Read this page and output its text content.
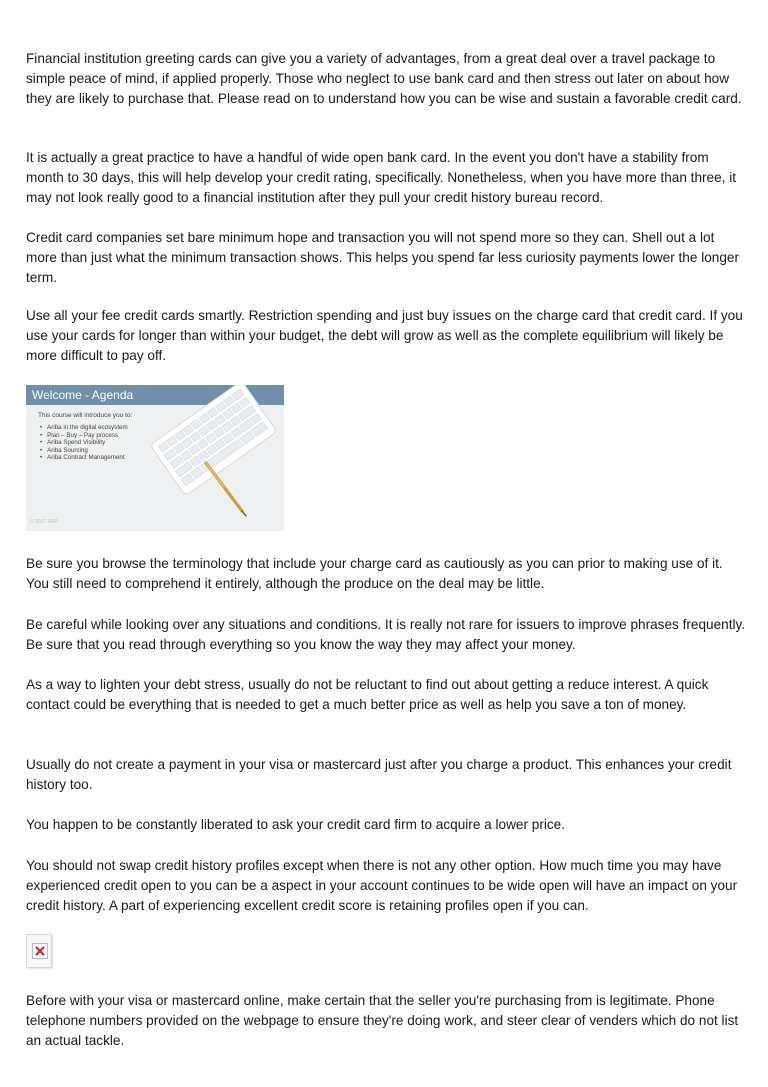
Financial institution greeting cards can give you a variety of advantages, from a great deal over a travel package to simple peace of mind, if applied properly. Those who neglect to use bank card and then stress out later on about how they are likely to purchase that. Please read on to understand how you can be wise and sustain a favorable credit card.

It is actually a great practice to have a handful of wide open bank card. In the event you don't have a stability from month to 30 days, this will help develop your credit rating, specifically. Nonetheless, when you have more than three, it may not look really good to a financial institution after they pull your credit history bureau record.

Credit card companies set bare minimum hope and transaction you will not spend more so they can. Shell out a lot more than just what the minimum transaction shows. This helps you spend far less curiosity payments lower the longer term.

Use all your fee credit cards smartly. Restriction spending and just buy issues on the charge card that credit card. If you use your cards for longer than within your budget, the debt will grow as well as the complete equilibrium will likely be more difficult to pay off.

Welcome - Agenda
This course will introduce you to:
• Ariba in the digital ecosystem
• Plan – Buy – Pay process
• Ariba Spend Visibility
• Ariba Sourcing
• Ariba Contract Management
© 2017 SAP

Be sure you browse the terminology that include your charge card as cautiously as you can prior to making use of it. You still need to comprehend it entirely, although the produce on the deal may be little.

Be careful while looking over any situations and conditions. It is really not rare for issuers to improve phrases frequently. Be sure that you read through everything so you know the way they may affect your money.

As a way to lighten your debt stress, usually do not be reluctant to find out about getting a reduce interest. A quick contact could be everything that is needed to get a much better price as well as help you save a ton of money.

Usually do not create a payment in your visa or mastercard just after you charge a product. This enhances your credit history too.

You happen to be constantly liberated to ask your credit card firm to acquire a lower price.

You should not swap credit history profiles except when there is not any other option. How much time you may have experienced credit open to you can be a aspect in your account continues to be wide open will have an impact on your credit history. A part of experiencing excellent credit score is retaining profiles open if you can.

Before with your visa or mastercard online, make certain that the seller you're purchasing from is legitimate. Phone telephone numbers provided on the webpage to ensure they're doing work, and steer clear of venders which do not list an actual tackle.
